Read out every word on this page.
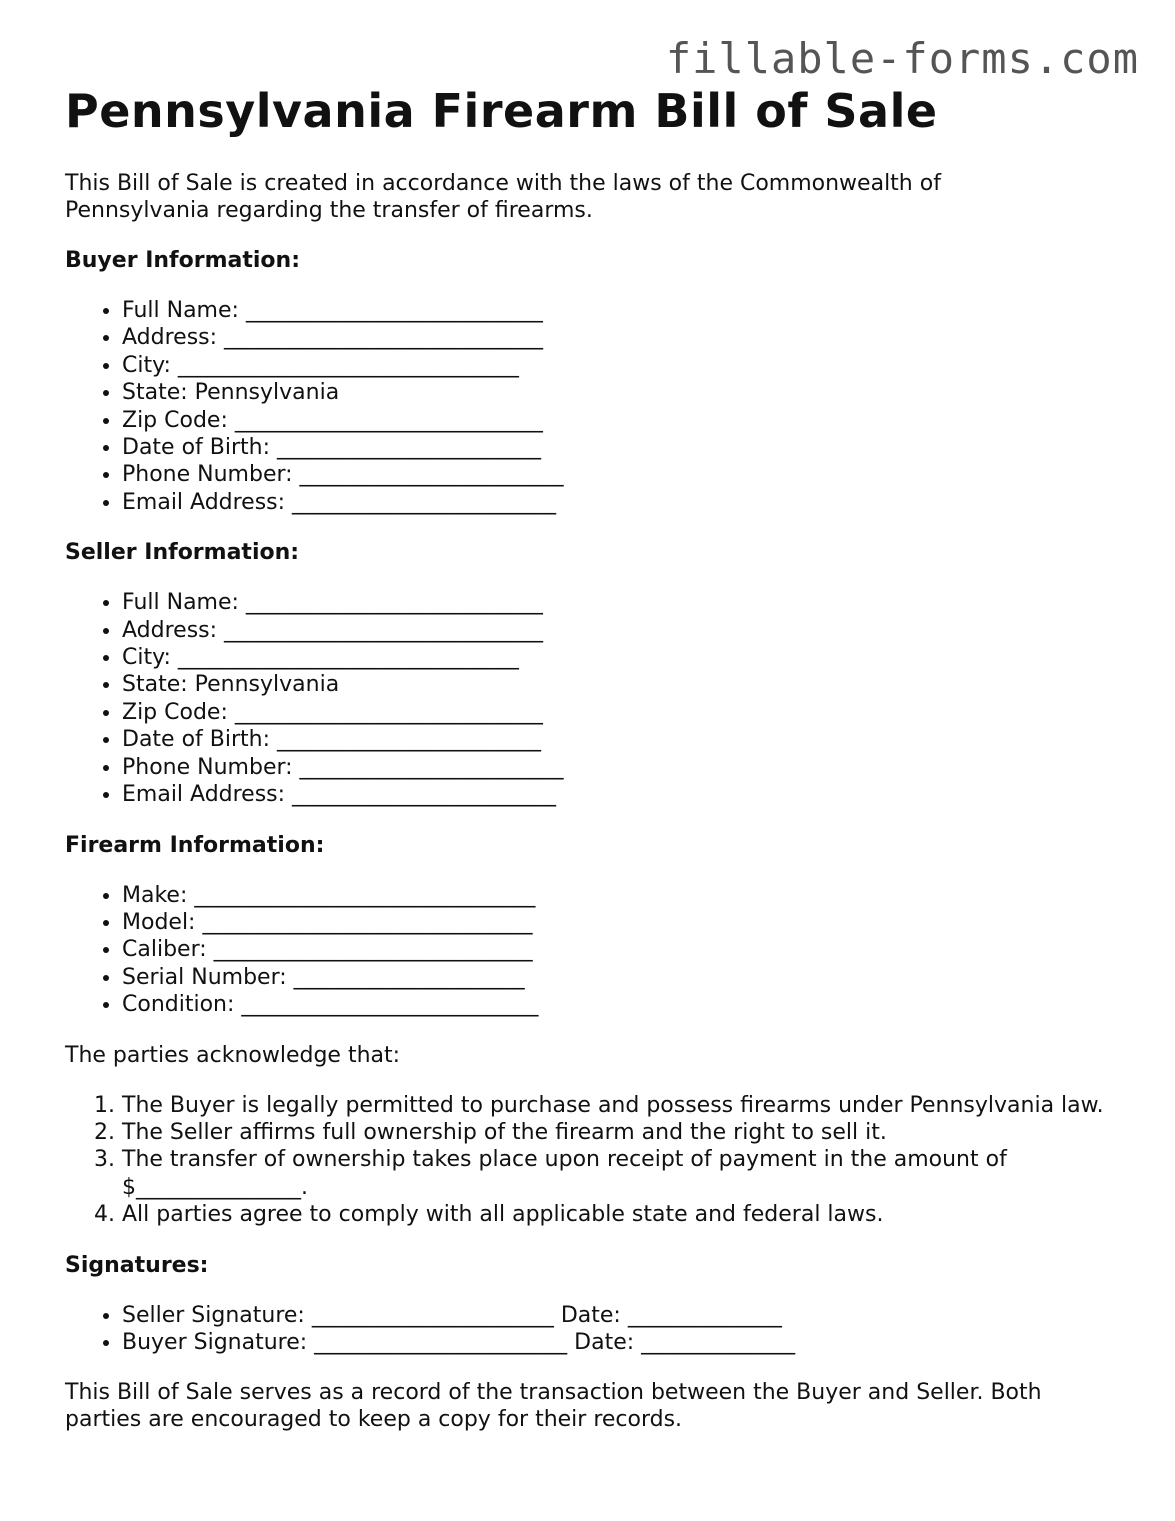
fillable-forms.com
Pennsylvania Firearm Bill of Sale

This Bill of Sale is created in accordance with the laws of the Commonwealth of Pennsylvania regarding the transfer of firearms.

Buyer Information:
• Full Name: ___________________________
• Address: _____________________________
• City: _______________________________
• State: Pennsylvania
• Zip Code: ____________________________
• Date of Birth: ________________________
• Phone Number: ________________________
• Email Address: ________________________
Seller Information:
• Full Name: ___________________________
• Address: _____________________________
• City: _______________________________
• State: Pennsylvania
• Zip Code: ____________________________
• Date of Birth: ________________________
• Phone Number: ________________________
• Email Address: ________________________
Firearm Information:
• Make: _______________________________
• Model: ______________________________
• Caliber: _____________________________
• Serial Number: _____________________
• Condition: ___________________________

The parties acknowledge that:

1. The Buyer is legally permitted to purchase and possess firearms under Pennsylvania law.
2. The Seller affirms full ownership of the firearm and the right to sell it.
3. The transfer of ownership takes place upon receipt of payment in the amount of $_______________.
4. All parties agree to comply with all applicable state and federal laws.
Signatures:
• Seller Signature: ______________________ Date: ______________
• Buyer Signature: _______________________ Date: ______________

This Bill of Sale serves as a record of the transaction between the Buyer and Seller. Both parties are encouraged to keep a copy for their records.
